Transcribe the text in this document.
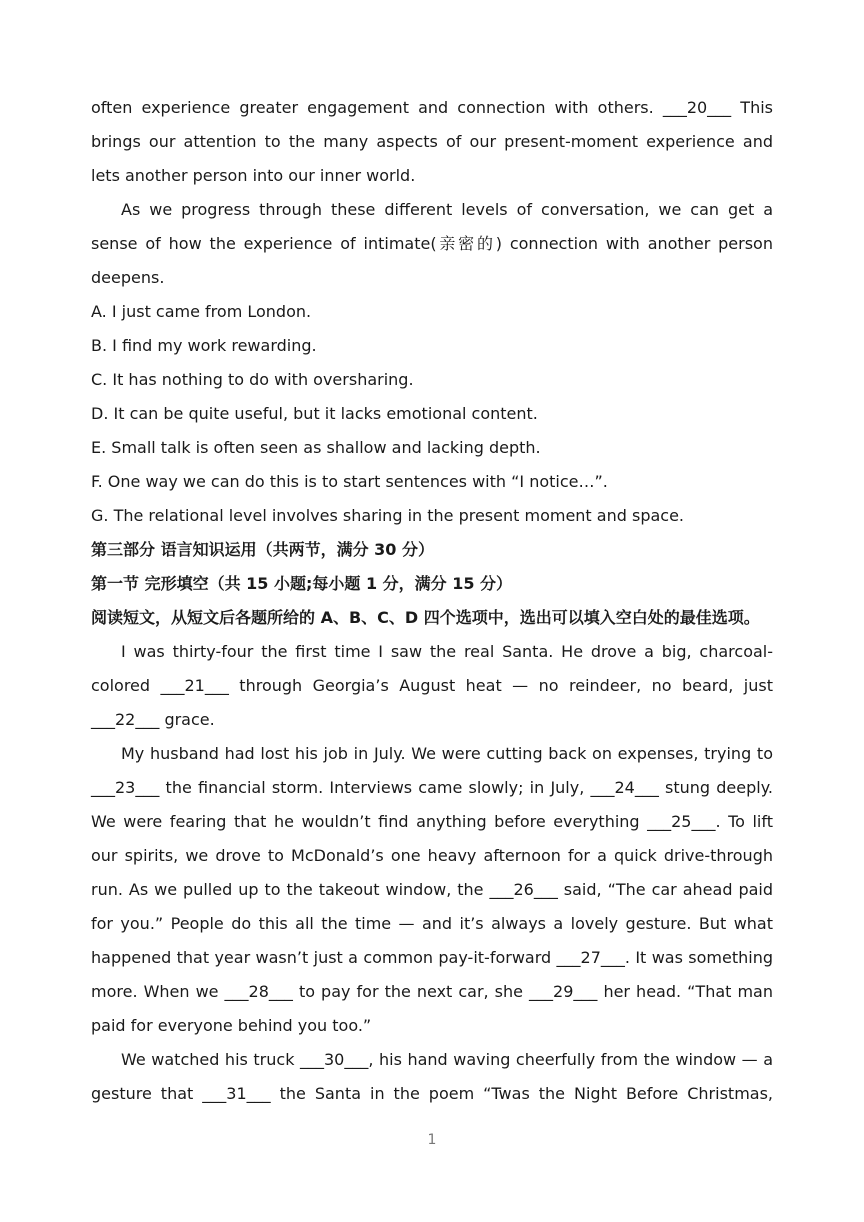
often experience greater engagement and connection with others. ___20___ This

brings our attention to the many aspects of our present-moment experience and lets another person into our inner world.

As we progress through these different levels of conversation, we can get a sense of how the experience of intimate(亲密的) connection with another person deepens.

A. I just came from London.

B. I find my work rewarding.

C. It has nothing to do with oversharing.

D. It can be quite useful, but it lacks emotional content.

E. Small talk is often seen as shallow and lacking depth.

F. One way we can do this is to start sentences with “I notice…”.

G. The relational level involves sharing in the present moment and space.

第三部分 语言知识运用（共两节，满分 30 分）

第一节 完形填空（共 15 小题;每小题 1 分，满分 15 分）

阅读短文，从短文后各题所给的 A、B、C、D 四个选项中，选出可以填入空白处的最佳选项。

I was thirty-four the first time I saw the real Santa. He drove a big, charcoal-colored ___21___ through Georgia’s August heat — no reindeer, no beard, just ___22___ grace.

My husband had lost his job in July. We were cutting back on expenses, trying to ___23___ the financial storm. Interviews came slowly; in July, ___24___ stung deeply. We were fearing that he wouldn’t find anything before everything ___25___. To lift our spirits, we drove to McDonald’s one heavy afternoon for a quick drive-through run. As we pulled up to the takeout window, the ___26___ said, “The car ahead paid for you.” People do this all the time — and it’s always a lovely gesture. But what happened that year wasn’t just a common pay-it-forward ___27___. It was something more. When we ___28___ to pay for the next car, she ___29___ her head. “That man paid for everyone behind you too.”

We watched his truck ___30___, his hand waving cheerfully from the window — a

gesture that ___31___ the Santa in the poem “Twas the Night Before Christmas,

1
